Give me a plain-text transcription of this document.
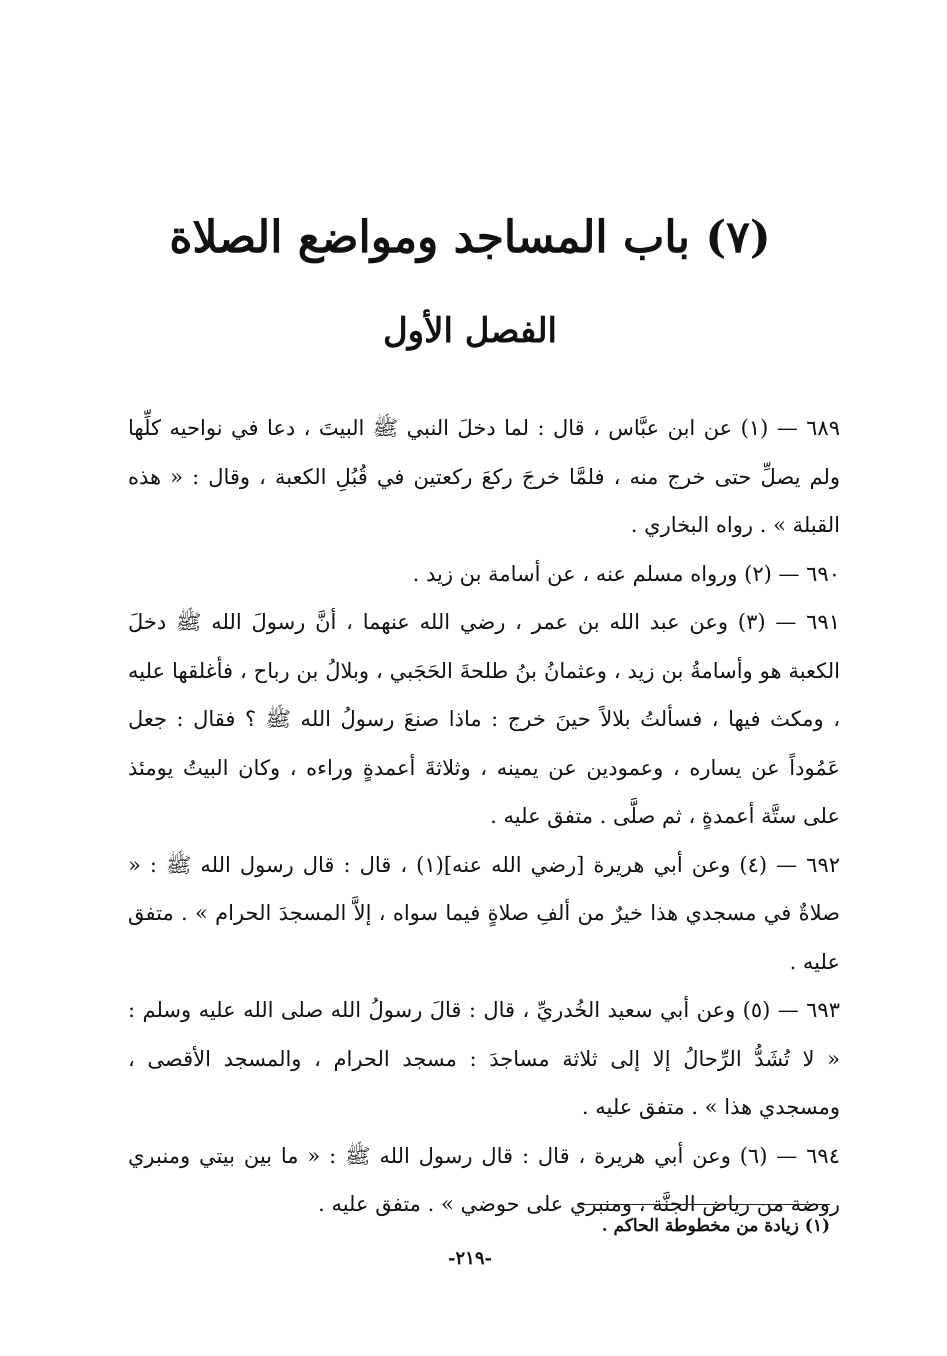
(٧) باب المساجد ومواضع الصلاة
الفصل الأول

٦٨٩ — (١) عن ابن عبَّاس ، قال : لما دخلَ النبي ﷺ البيتَ ، دعا في نواحيه كلِّها ولم يصلِّ حتى خرج منه ، فلمَّا خرجَ ركعَ ركعتين في قُبُلِ الكعبة ، وقال : « هذه القبلة » . رواه البخاري .

٦٩٠ — (٢) ورواه مسلم عنه ، عن أسامة بن زيد .

٦٩١ — (٣) وعن عبد الله بن عمر ، رضي الله عنهما ، أنَّ رسولَ الله ﷺ دخلَ الكعبة هو وأسامةُ بن زيد ، وعثمانُ بنُ طلحةَ الحَجَبي ، وبلالُ بن رباح ، فأغلقها عليه ، ومكث فيها ، فسألتُ بلالاً حينَ خرج : ماذا صنعَ رسولُ الله ﷺ ؟ فقال : جعل عَمُوداً عن يساره ، وعمودين عن يمينه ، وثلاثةَ أعمدةٍ وراءه ، وكان البيتُ يومئذ على ستَّة أعمدةٍ ، ثم صلَّى . متفق عليه .

٦٩٢ — (٤) وعن أبي هريرة [رضي الله عنه](١) ، قال : قال رسول الله ﷺ : « صلاةٌ في مسجدي هذا خيرٌ من ألفِ صلاةٍ فيما سواه ، إلاَّ المسجدَ الحرام » . متفق عليه .

٦٩٣ — (٥) وعن أبي سعيد الخُدريِّ ، قال : قالَ رسولُ الله صلى الله عليه وسلم : « لا تُشَدُّ الرِّحالُ إلا إلى ثلاثة مساجدَ : مسجد الحرام ، والمسجد الأقصى ، ومسجدي هذا » . متفق عليه .

٦٩٤ — (٦) وعن أبي هريرة ، قال : قال رسول الله ﷺ : « ما بين بيتي ومنبري روضة من رياض الجنَّة ، ومنبري على حوضي » . متفق عليه .

(١) زيادة من مخطوطة الحاكم .
-٢١٩-
